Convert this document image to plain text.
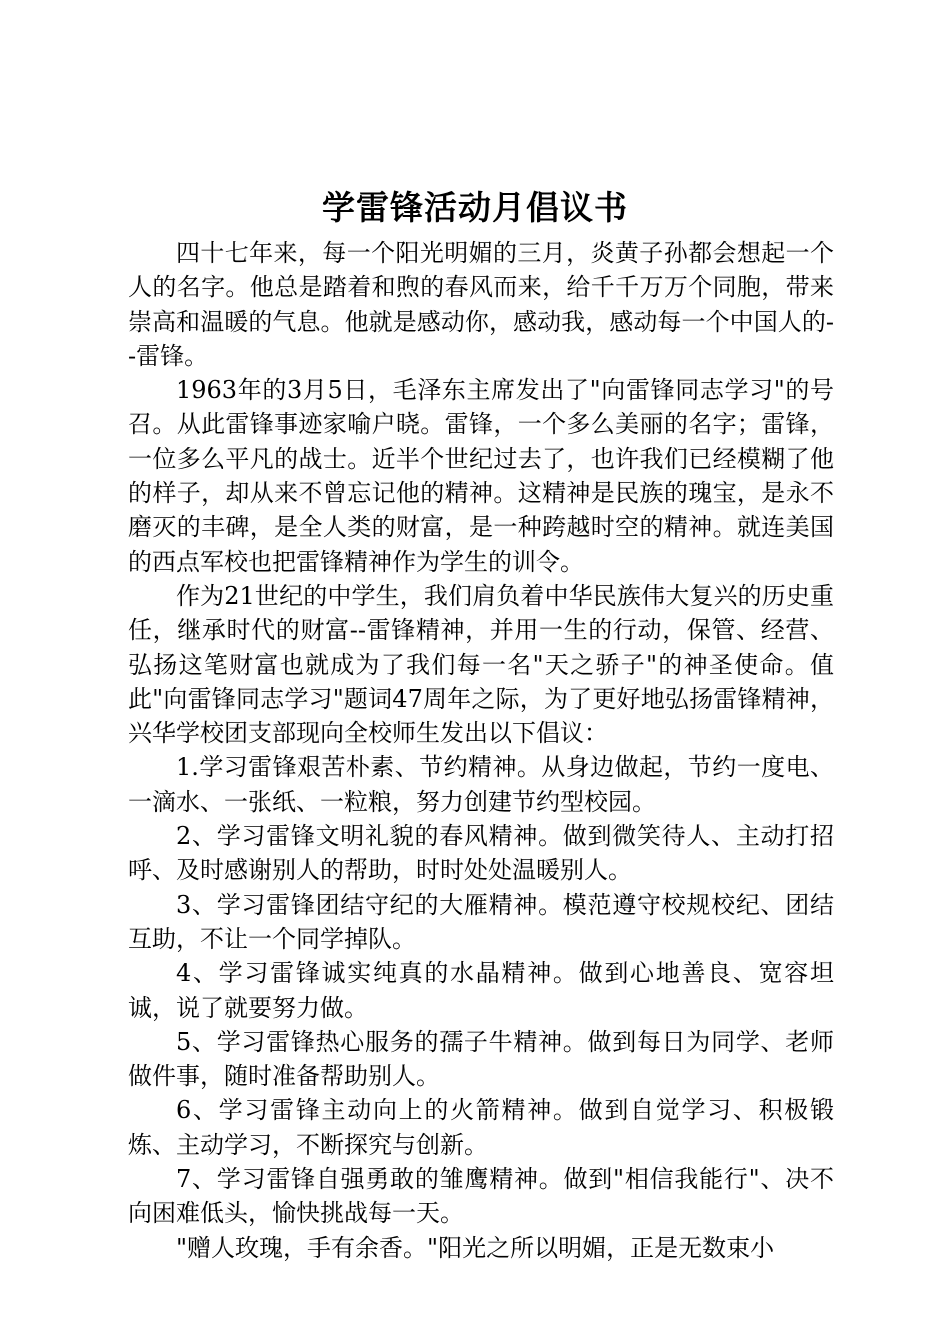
学雷锋活动月倡议书

四十七年来，每一个阳光明媚的三月，炎黄子孙都会想起一个人的名字。他总是踏着和煦的春风而来，给千千万万个同胞，带来崇高和温暖的气息。他就是感动你，感动我，感动每一个中国人的--雷锋。

1963年的3月5日，毛泽东主席发出了"向雷锋同志学习"的号召。从此雷锋事迹家喻户晓。雷锋，一个多么美丽的名字；雷锋，一位多么平凡的战士。近半个世纪过去了，也许我们已经模糊了他的样子，却从来不曾忘记他的精神。这精神是民族的瑰宝，是永不磨灭的丰碑，是全人类的财富，是一种跨越时空的精神。就连美国的西点军校也把雷锋精神作为学生的训令。

作为21世纪的中学生，我们肩负着中华民族伟大复兴的历史重任，继承时代的财富--雷锋精神，并用一生的行动，保管、经营、弘扬这笔财富也就成为了我们每一名"天之骄子"的神圣使命。值此"向雷锋同志学习"题词47周年之际，为了更好地弘扬雷锋精神，兴华学校团支部现向全校师生发出以下倡议：

1.学习雷锋艰苦朴素、节约精神。从身边做起，节约一度电、一滴水、一张纸、一粒粮，努力创建节约型校园。

2、学习雷锋文明礼貌的春风精神。做到微笑待人、主动打招呼、及时感谢别人的帮助，时时处处温暖别人。

3、学习雷锋团结守纪的大雁精神。模范遵守校规校纪、团结互助，不让一个同学掉队。

4、学习雷锋诚实纯真的水晶精神。做到心地善良、宽容坦诚，说了就要努力做。

5、学习雷锋热心服务的孺子牛精神。做到每日为同学、老师做件事，随时准备帮助别人。

6、学习雷锋主动向上的火箭精神。做到自觉学习、积极锻炼、主动学习，不断探究与创新。

7、学习雷锋自强勇敢的雏鹰精神。做到"相信我能行"、决不向困难低头，愉快挑战每一天。

"赠人玫瑰，手有余香。"阳光之所以明媚，正是无数束小
